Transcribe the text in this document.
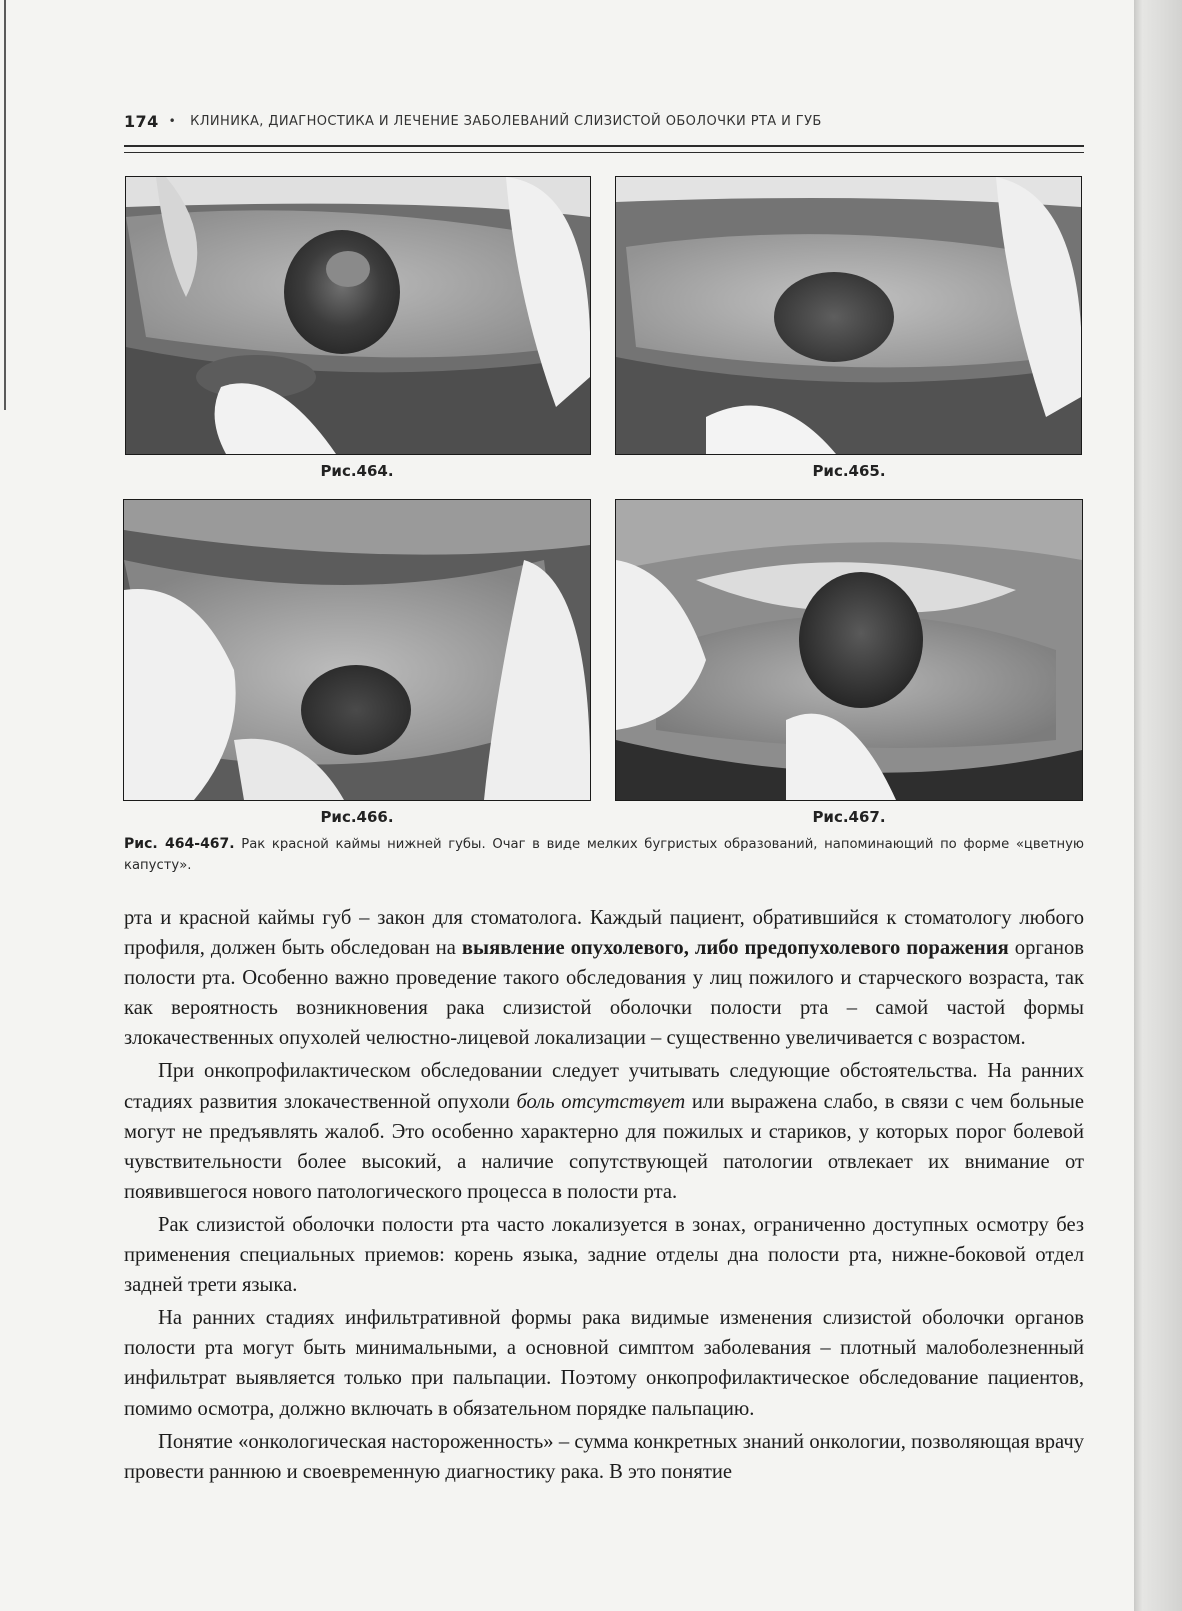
174 • КЛИНИКА, ДИАГНОСТИКА И ЛЕЧЕНИЕ ЗАБОЛЕВАНИЙ СЛИЗИСТОЙ ОБОЛОЧКИ РТА И ГУБ
Рис.464.	Рис.465.
Рис.466.	Рис.467.
Рис. 464-467. Рак красной каймы нижней губы. Очаг в виде мелких бугристых образований, напоминающий по форме «цветную капусту».

рта и красной каймы губ – закон для стоматолога. Каждый пациент, обратившийся к стоматологу любого профиля, должен быть обследован на выявление опухолевого, либо предопухолевого поражения органов полости рта. Особенно важно проведение такого обследования у лиц пожилого и старческого возраста, так как вероятность возникновения рака слизистой оболочки полости рта – самой частой формы злокачественных опухолей челюстно-лицевой локализации – существенно увеличивается с возрастом.

При онкопрофилактическом обследовании следует учитывать следующие обстоятельства. На ранних стадиях развития злокачественной опухоли боль отсутствует или выражена слабо, в связи с чем больные могут не предъявлять жалоб. Это особенно характерно для пожилых и стариков, у которых порог болевой чувствительности более высокий, а наличие сопутствующей патологии отвлекает их внимание от появившегося нового патологического процесса в полости рта.

Рак слизистой оболочки полости рта часто локализуется в зонах, ограниченно доступных осмотру без применения специальных приемов: корень языка, задние отделы дна полости рта, нижне-боковой отдел задней трети языка.

На ранних стадиях инфильтративной формы рака видимые изменения слизистой оболочки органов полости рта могут быть минимальными, а основной симптом заболевания – плотный малоболезненный инфильтрат выявляется только при пальпации. Поэтому онкопрофилактическое обследование пациентов, помимо осмотра, должно включать в обязательном порядке пальпацию.

Понятие «онкологическая настороженность» – сумма конкретных знаний онкологии, позволяющая врачу провести раннюю и своевременную диагностику рака. В это понятие
